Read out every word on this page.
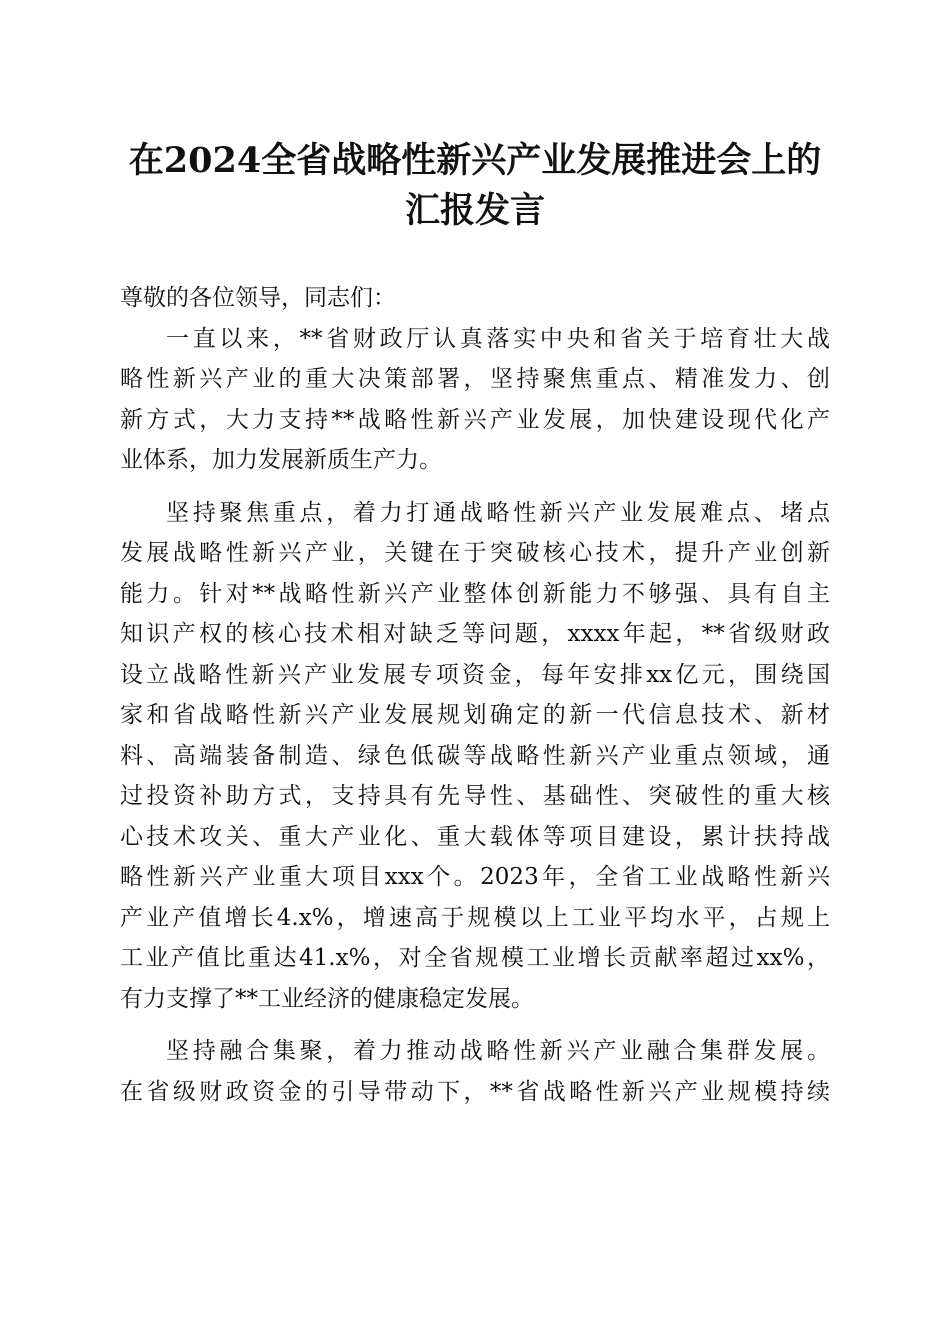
在2024全省战略性新兴产业发展推进会上的
汇报发言

尊敬的各位领导，同志们：

一直以来，**省财政厅认真落实中央和省关于培育壮大战
略性新兴产业的重大决策部署，坚持聚焦重点、精准发力、创
新方式，大力支持**战略性新兴产业发展，加快建设现代化产
业体系，加力发展新质生产力。
坚持聚焦重点，着力打通战略性新兴产业发展难点、堵点
发展战略性新兴产业，关键在于突破核心技术，提升产业创新
能力。针对**战略性新兴产业整体创新能力不够强、具有自主
知识产权的核心技术相对缺乏等问题，xxxx年起，**省级财政
设立战略性新兴产业发展专项资金，每年安排xx亿元，围绕国
家和省战略性新兴产业发展规划确定的新一代信息技术、新材
料、高端装备制造、绿色低碳等战略性新兴产业重点领域，通
过投资补助方式，支持具有先导性、基础性、突破性的重大核
心技术攻关、重大产业化、重大载体等项目建设，累计扶持战
略性新兴产业重大项目xxx个。2023年，全省工业战略性新兴
产业产值增长4.x%，增速高于规模以上工业平均水平，占规上
工业产值比重达41.x%，对全省规模工业增长贡献率超过xx%，
有力支撑了**工业经济的健康稳定发展。
坚持融合集聚，着力推动战略性新兴产业融合集群发展。
在省级财政资金的引导带动下，**省战略性新兴产业规模持续
